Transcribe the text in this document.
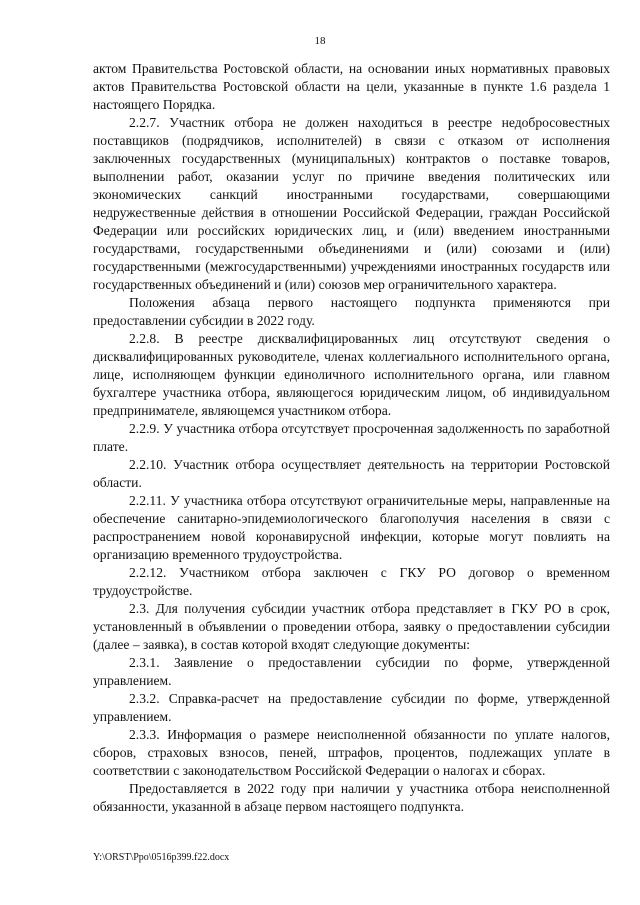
18

актом Правительства Ростовской области, на основании иных нормативных правовых актов Правительства Ростовской области на цели, указанные в пункте 1.6 раздела 1 настоящего Порядка.

2.2.7. Участник отбора не должен находиться в реестре недобросовестных поставщиков (подрядчиков, исполнителей) в связи с отказом от исполнения заключенных государственных (муниципальных) контрактов о поставке товаров, выполнении работ, оказании услуг по причине введения политических или экономических санкций иностранными государствами, совершающими недружественные действия в отношении Российской Федерации, граждан Российской Федерации или российских юридических лиц, и (или) введением иностранными государствами, государственными объединениями и (или) союзами и (или) государственными (межгосударственными) учреждениями иностранных государств или государственных объединений и (или) союзов мер ограничительного характера.

Положения абзаца первого настоящего подпункта применяются при предоставлении субсидии в 2022 году.

2.2.8. В реестре дисквалифицированных лиц отсутствуют сведения о дисквалифицированных руководителе, членах коллегиального исполнительного органа, лице, исполняющем функции единоличного исполнительного органа, или главном бухгалтере участника отбора, являющегося юридическим лицом, об индивидуальном предпринимателе, являющемся участником отбора.

2.2.9. У участника отбора отсутствует просроченная задолженность по заработной плате.

2.2.10. Участник отбора осуществляет деятельность на территории Ростовской области.

2.2.11. У участника отбора отсутствуют ограничительные меры, направленные на обеспечение санитарно-эпидемиологического благополучия населения в связи с распространением новой коронавирусной инфекции, которые могут повлиять на организацию временного трудоустройства.

2.2.12. Участником отбора заключен с ГКУ РО договор о временном трудоустройстве.

2.3. Для получения субсидии участник отбора представляет в ГКУ РО в срок, установленный в объявлении о проведении отбора, заявку о предоставлении субсидии (далее – заявка), в состав которой входят следующие документы:

2.3.1. Заявление о предоставлении субсидии по форме, утвержденной управлением.

2.3.2. Справка-расчет на предоставление субсидии по форме, утвержденной управлением.

2.3.3. Информация о размере неисполненной обязанности по уплате налогов, сборов, страховых взносов, пеней, штрафов, процентов, подлежащих уплате в соответствии с законодательством Российской Федерации о налогах и сборах.

Предоставляется в 2022 году при наличии у участника отбора неисполненной обязанности, указанной в абзаце первом настоящего подпункта.

Y:\ORST\Ppo\0516p399.f22.docx
